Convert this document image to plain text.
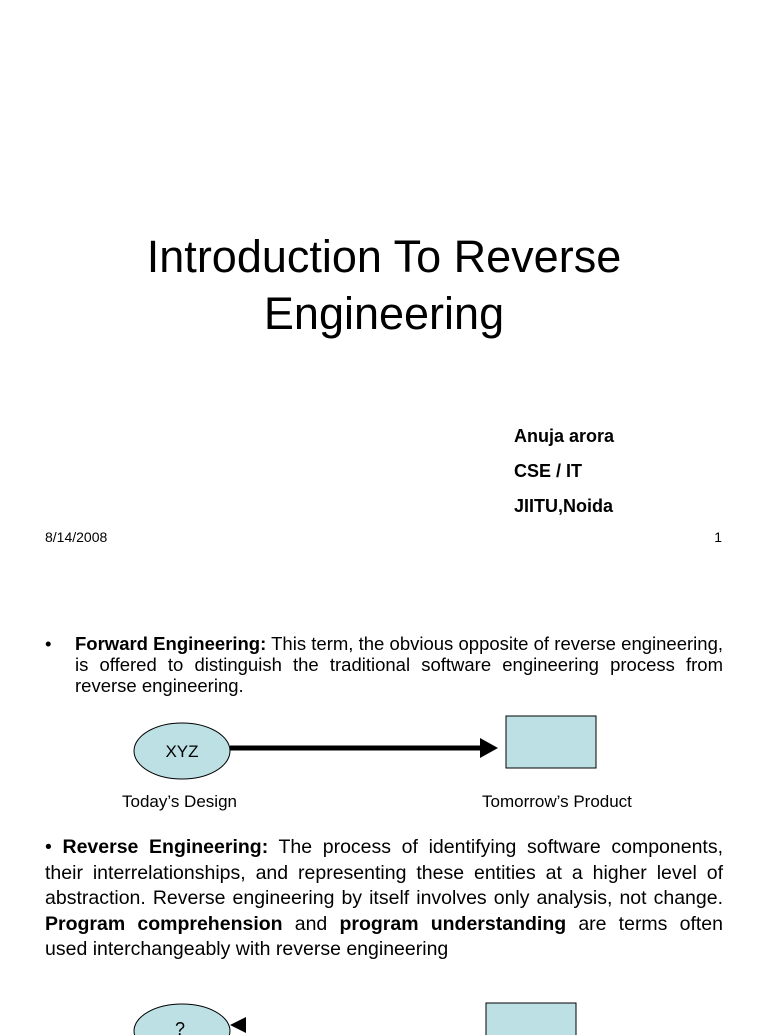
Introduction To Reverse
Engineering
Anuja arora
CSE / IT
JIITU,Noida
8/14/2008	1
• Forward Engineering: This term, the obvious opposite of reverse engineering, is offered to distinguish the traditional software engineering process from reverse engineering.
XYZ
Today’s Design	Tomorrow’s Product
• Reverse Engineering: The process of identifying software components, their interrelationships, and representing these entities at a higher level of abstraction. Reverse engineering by itself involves only analysis, not change. Program comprehension and program understanding are terms often used interchangeably with reverse engineering
?
